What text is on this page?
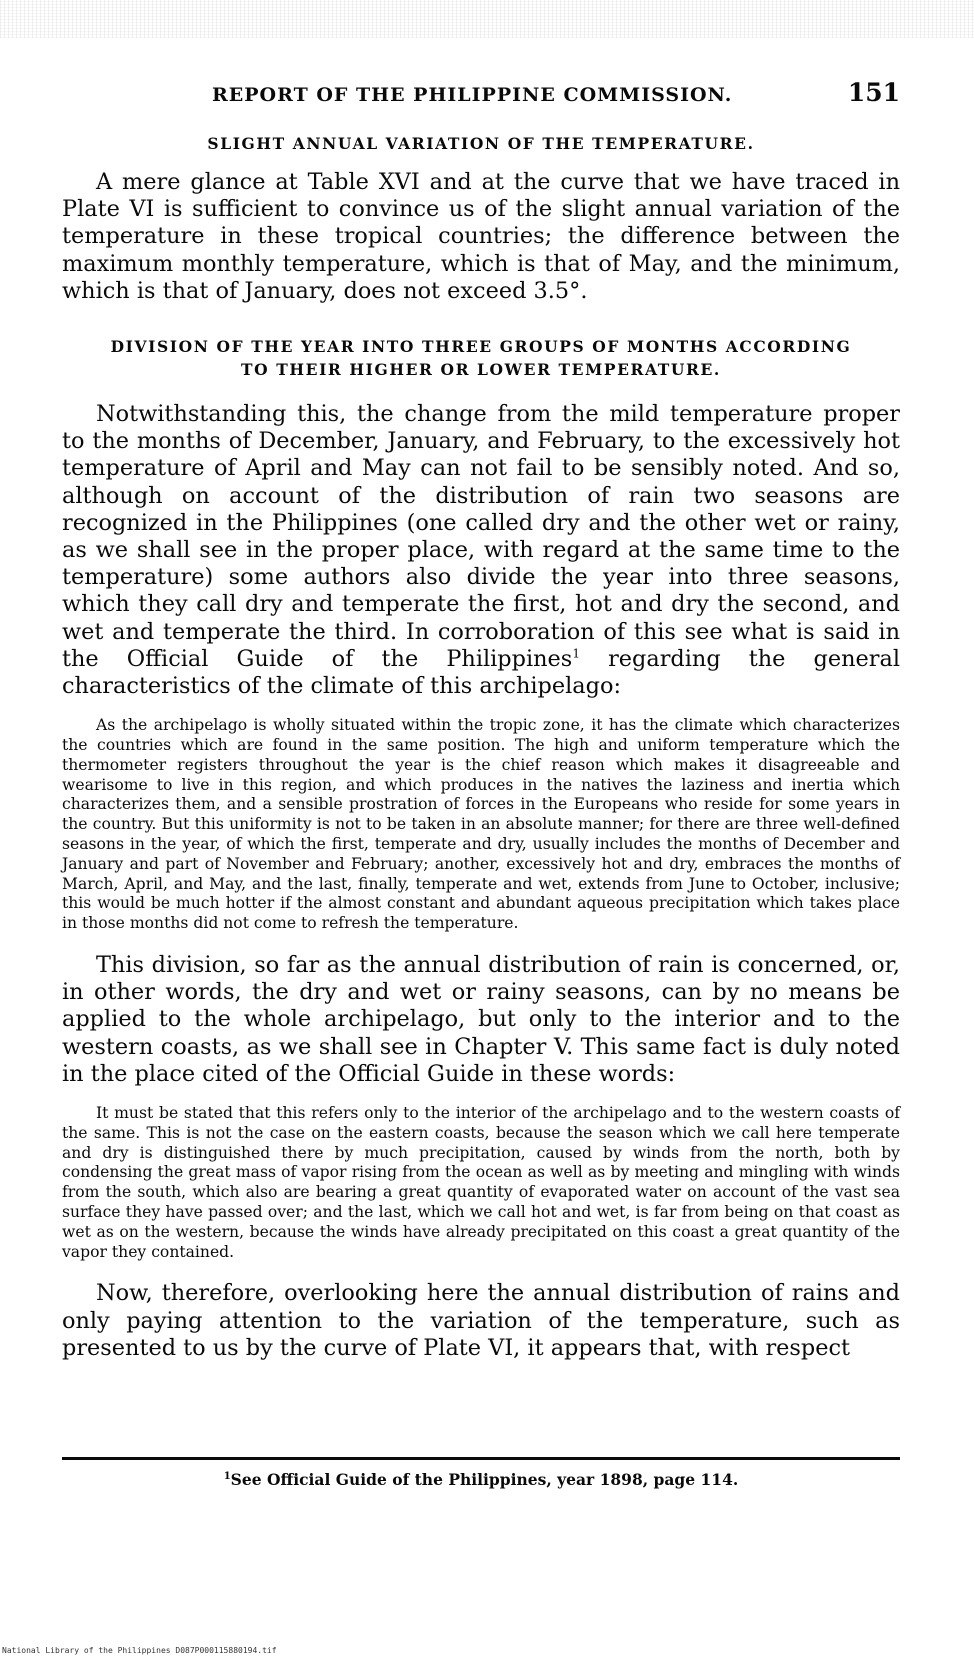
REPORT OF THE PHILIPPINE COMMISSION.	151
SLIGHT ANNUAL VARIATION OF THE TEMPERATURE.

A mere glance at Table XVI and at the curve that we have traced in Plate VI is sufficient to convince us of the slight annual variation of the temperature in these tropical countries; the difference between the maximum monthly temperature, which is that of May, and the minimum, which is that of January, does not exceed 3.5°.

DIVISION OF THE YEAR INTO THREE GROUPS OF MONTHS ACCORDING
TO THEIR HIGHER OR LOWER TEMPERATURE.

Notwithstanding this, the change from the mild temperature proper to the months of December, January, and February, to the excessively hot temperature of April and May can not fail to be sensibly noted. And so, although on account of the distribution of rain two seasons are recognized in the Philippines (one called dry and the other wet or rainy, as we shall see in the proper place, with regard at the same time to the temperature) some authors also divide the year into three seasons, which they call dry and temperate the first, hot and dry the second, and wet and temperate the third. In corroboration of this see what is said in the Official Guide of the Philippines$^1$ regarding the general characteristics of the climate of this archipelago:

As the archipelago is wholly situated within the tropic zone, it has the climate which characterizes the countries which are found in the same position. The high and uniform temperature which the thermometer registers throughout the year is the chief reason which makes it disagreeable and wearisome to live in this region, and which produces in the natives the laziness and inertia which characterizes them, and a sensible prostration of forces in the Europeans who reside for some years in the country. But this uniformity is not to be taken in an absolute manner; for there are three well-defined seasons in the year, of which the first, temperate and dry, usually includes the months of December and January and part of November and February; another, excessively hot and dry, embraces the months of March, April, and May, and the last, finally, temperate and wet, extends from June to October, inclusive; this would be much hotter if the almost constant and abundant aqueous precipitation which takes place in those months did not come to refresh the temperature.

This division, so far as the annual distribution of rain is concerned, or, in other words, the dry and wet or rainy seasons, can by no means be applied to the whole archipelago, but only to the interior and to the western coasts, as we shall see in Chapter V. This same fact is duly noted in the place cited of the Official Guide in these words:

It must be stated that this refers only to the interior of the archipelago and to the western coasts of the same. This is not the case on the eastern coasts, because the season which we call here temperate and dry is distinguished there by much precipitation, caused by winds from the north, both by condensing the great mass of vapor rising from the ocean as well as by meeting and mingling with winds from the south, which also are bearing a great quantity of evaporated water on account of the vast sea surface they have passed over; and the last, which we call hot and wet, is far from being on that coast as wet as on the western, because the winds have already precipitated on this coast a great quantity of the vapor they contained.

Now, therefore, overlooking here the annual distribution of rains and only paying attention to the variation of the temperature, such as presented to us by the curve of Plate VI, it appears that, with respect

$^1$See Official Guide of the Philippines, year 1898, page 114.
National Library of the Philippines D087P000115880194.tif
